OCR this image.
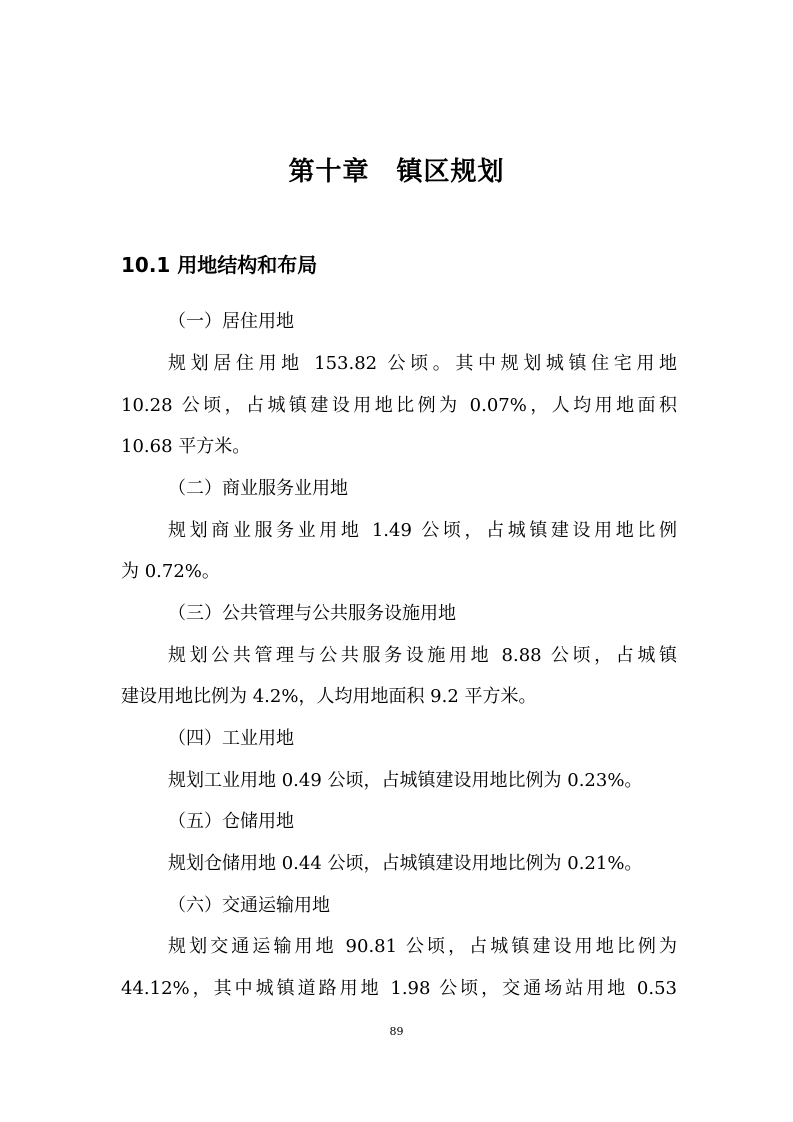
第十章　镇区规划
10.1 用地结构和布局
（一）居住用地
规划居住用地 153.82 公顷。其中规划城镇住宅用地
10.28 公顷，占城镇建设用地比例为 0.07%，人均用地面积
10.68 平方米。
（二）商业服务业用地
规划商业服务业用地 1.49 公顷，占城镇建设用地比例
为 0.72%。
（三）公共管理与公共服务设施用地
规划公共管理与公共服务设施用地 8.88 公顷，占城镇
建设用地比例为 4.2%，人均用地面积 9.2 平方米。
（四）工业用地
规划工业用地 0.49 公顷，占城镇建设用地比例为 0.23%。
（五）仓储用地
规划仓储用地 0.44 公顷，占城镇建设用地比例为 0.21%。
（六）交通运输用地
规划交通运输用地 90.81 公顷，占城镇建设用地比例为
44.12%，其中城镇道路用地 1.98 公顷，交通场站用地 0.53
89
